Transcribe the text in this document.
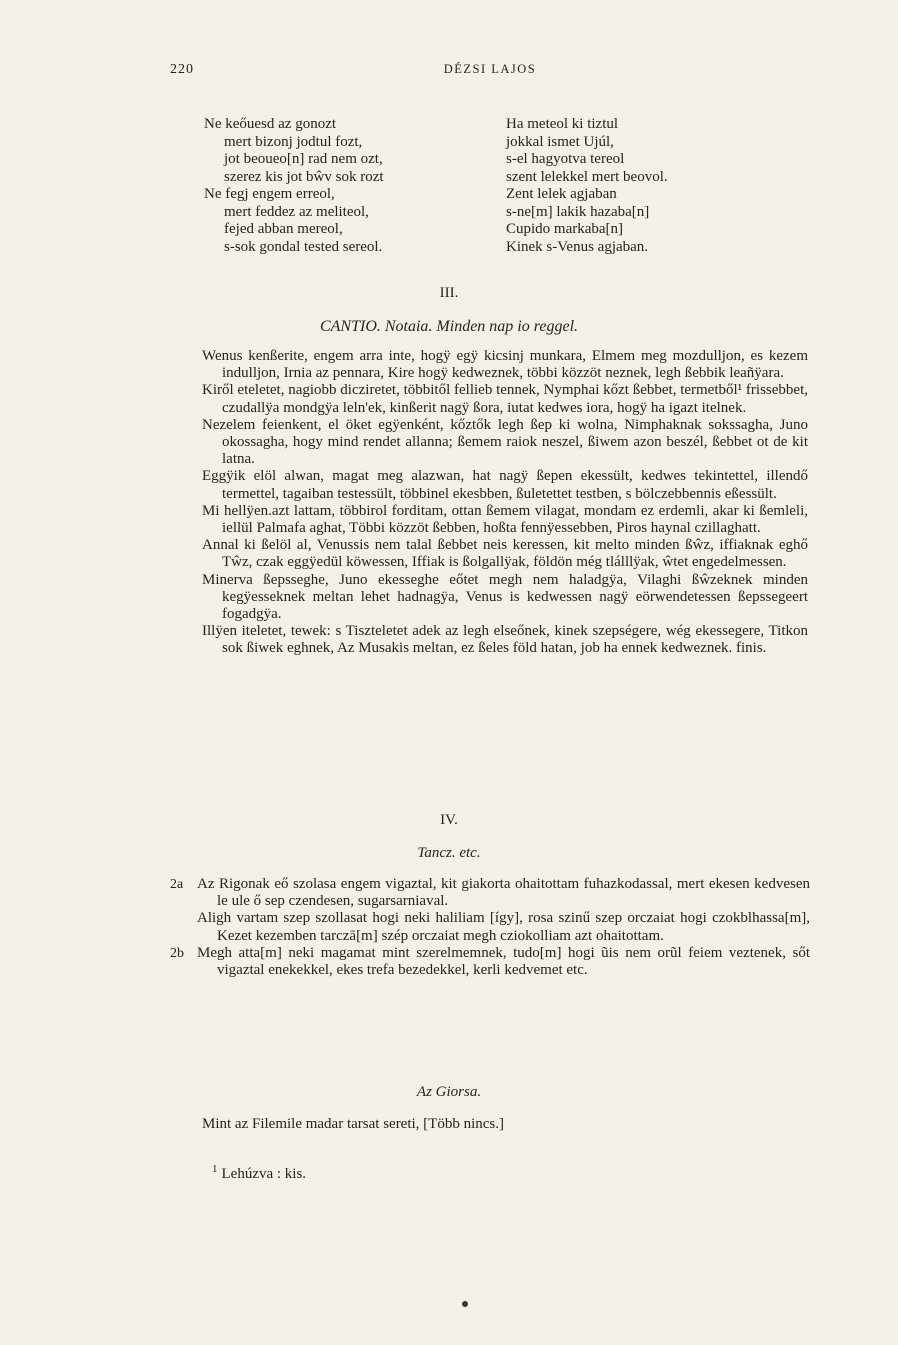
220	DÉZSI LAJOS
Ne keőuesd az gonozt
mert bizonj jodtul fozt,
jot beoueo[n] rad nem ozt,
szerez kis jot bŵv sok rozt
Ne fegj engem erreol,
mert feddez az meliteol,
fejed abban mereol,
s-sok gondal tested sereol.
Ha meteol ki tiztul
jokkal ismet Ujúl,
s-el hagyotva tereol
szent lelekkel mert beovol.
Zent lelek agjaban
s-ne[m] lakik hazaba[n]
Cupido markaba[n]
Kinek s-Venus agjaban.
III.
CANTIO. Notaia. Minden nap io reggel.

Wenus kenßerite, engem arra inte, hogÿ egÿ kicsinj munkara, Elmem meg mozdulljon, es kezem indulljon, Irnia az pennara, Kire hogÿ kedweznek, többi közzöt neznek, legh ßebbik leañÿara.

Kiről eteletet, nagiobb dicziretet, többitől fellieb tennek, Nymphai kőzt ßebbet, termetből¹ frissebbet, czudallÿa mondgÿa leln'ek, kinßerit nagÿ ßora, iutat kedwes iora, hogÿ ha igazt itelnek.

Nezelem feienkent, el öket egÿenként, kőztők legh ßep ki wolna, Nimphaknak sokssagha, Juno okossagha, hogy mind rendet allanna; ßemem raiok neszel, ßiwem azon beszél, ßebbet ot de kit latna.

Eggÿik elöl alwan, magat meg alazwan, hat nagÿ ßepen ekessült, kedwes tekintettel, illendő termettel, tagaiban testessült, többinel ekesbben, ßuletettet testben, s bölczebbennis eßessült.

Mi hellÿen.azt lattam, többirol forditam, ottan ßemem vilagat, mondam ez erdemli, akar ki ßemleli, iellül Palmafa aghat, Többi közzöt ßebben, hoßta fennÿessebben, Piros haynal czillaghatt.

Annal ki ßelöl al, Venussis nem talal ßebbet neis keressen, kit melto minden ßŵz, iffiaknak eghő Tŵz, czak eggÿedül köwessen, Iffiak is ßolgallÿak, földön még tlálllÿak, ŵtet engedelmessen.

Minerva ßepsseghe, Juno ekesseghe eőtet megh nem haladgÿa, Vilaghi ßŵzeknek minden kegÿesseknek meltan lehet hadnagÿa, Venus is kedwessen nagÿ eörwendetessen ßepssegeert fogadgÿa.

Illÿen iteletet, tewek: s Tiszteletet adek az legh elseőnek, kinek szepségere, wég ekessegere, Titkon sok ßiwek eghnek, Az Musakis meltan, ez ßeles föld hatan, job ha ennek kedweznek. finis.

IV.
Tancz. etc.
2a Az Rigonak eő szolasa engem vigaztal, kit giakorta ohaitottam fuhazkodassal, mert ekesen kedvesen le ule ő sep czendesen, sugarsarniaval.
Aligh vartam szep szollasat hogi neki haliliam [így], rosa szinű szep orczaiat hogi czokblhassa[m], Kezet kezemben tarczā[m] szép orczaiat megh cziokolliam azt ohaitottam.
2b Megh atta[m] neki magamat mint szerelmemnek, tudo[m] hogi ũis nem orũl feiem veztenek, sőt vigaztal enekekkel, ekes trefa bezedekkel, kerli kedvemet etc.
Az Giorsa.
Mint az Filemile madar tarsat sereti, [Több nincs.]
$^1$ Lehúzva : kis.
